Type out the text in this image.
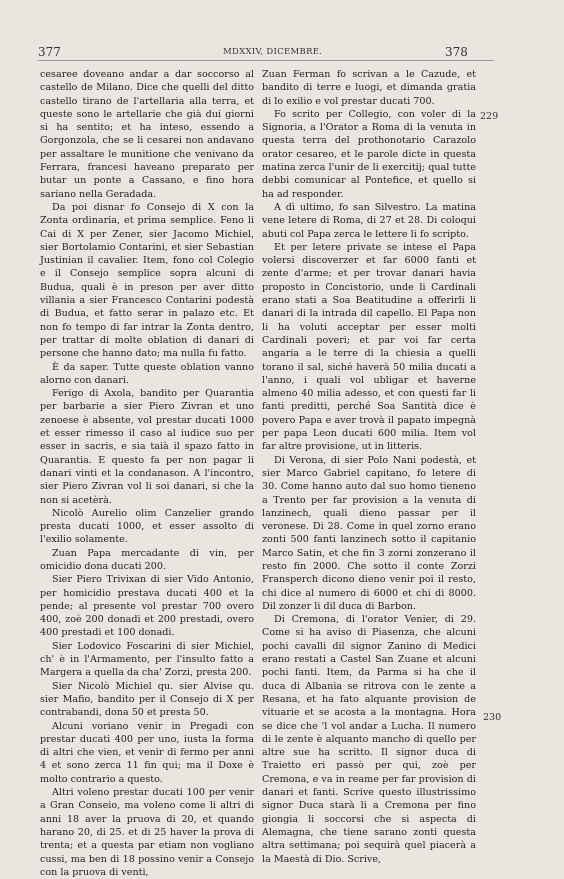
377	MDXXIV, DICEMBRE.	378

cesaree doveano andar a dar soccorso al castello de Milano. Dice che quelli del ditto castello tirano de l'artellaria alla terra, et queste sono le artellarie che già dui giorni si ha sentito; et ha inteso, essendo a Gorgonzola, che se li cesarei non andavano per assaltare le munitione che venivano da Ferrara, francesi haveano preparato per butar un ponte a Cassano, e fino hora sariano nella Geradada.

Da poi disnar fo Consejo di X con la Zonta ordinaria, et prima semplice. Feno li Cai di X per Zener, sier Jacomo Michiel, sier Bortolamio Contarini, et sier Sebastian Justinian il cavalier. Item, fono col Colegio e il Consejo semplice sopra alcuni di Budua, quali è in preson per aver ditto villania a sier Francesco Contarini podestà di Budua, et fatto serar in palazo etc. Et non fo tempo di far intrar la Zonta dentro, per trattar di molte oblation di danari di persone che hanno dato; ma nulla fu fatto.

È da saper. Tutte queste oblation vanno alorno con danari.

Ferigo di Axola, bandito per Quarantia per barbarie a sier Piero Zivran et uno zenoese è absente, vol prestar ducati 1000 et esser rimesso il caso al iudice suo per esser in sacris, e sia taià il spazo fatto in Quarantia. E questo fa per non pagar li danari vinti et la condanason. A l'incontro, sier Piero Zivran vol li soi danari, si che la non si acetèrà.

Nicolò Aurelio olim Canzelier grando presta ducati 1000, et esser assolto di l'exilio solamente.

Zuan Papa mercadante di vin, per omicidio dona ducati 200.

Sier Piero Trivixan di sier Vido Antonio, per homicidio prestava ducati 400 et la pende; al presente vol prestar 700 overo 400, zoè 200 donadi et 200 prestadi, overo 400 prestadi et 100 donadi.

Sier Lodovico Foscarini di sier Michiel, ch' è in l'Armamento, per l'insulto fatto a Margera a quella da cha' Zorzi, presta 200.

Sier Nicolò Michiel qu. sier Alvise qu. sier Mafio, bandito per il Consejo di X per contrabandi, dona 50 et presta 50.

Alcuni voriano venir in Pregadi con prestar ducati 400 per uno, iusta la forma di altri che vien, et venir di fermo per anni 4 et sono zerca 11 fin qui; ma il Doxe è molto contrario a questo.

Altri voleno prestar ducati 100 per venir a Gran Conseio, ma voleno come li altri di anni 18 aver la pruova di 20, et quando harano 20, di 25. et di 25 haver la prova di trenta; et a questa par etiam non vogliano cussi, ma ben di 18 possino venir a Consejo con la pruova di venti,

Zuan Ferman fo scrivan a le Cazude, et bandito di terre e luogi, et dimanda gratia di lo exilio e vol prestar ducati 700.

Fo scrito per Collegio, con voler di la Signoria, a l'Orator a Roma di la venuta in questa terra del prothonotario Carazolo orator cesareo, et le parole dicte in questa matina zerca l'unir de li exercitij; qual tutte debbi comunicar al Pontefice, et quello si ha ad responder.

A dì ultimo, fo san Silvestro. La matina vene letere di Roma, di 27 et 28. Di coloqui abuti col Papa zerca le lettere li fo scripto.

Et per letere private se intese el Papa volersi discoverzer et far 6000 fanti et zente d'arme; et per trovar danari havia proposto in Concistorio, unde li Cardinali erano stati a Soa Beatitudine a offerirli li danari di la intrada dil capello. El Papa non li ha voluti acceptar per esser molti Cardinali poveri; et par voi far certa angaria a le terre di la chiesia a quelli torano il sal, siché haverà 50 milia ducati a l'anno, i quali vol ubligar et haverne almeno 40 milia adesso, et con questi far li fanti preditti, perché Soa Santità dice è povero Papa e aver trovà il papato impegnà per papa Leon ducati 600 milia. Item vol far altre provisione, ut in litteris.

Di Verona, di sier Polo Nani podestà, et sier Marco Gabriel capitano, fo letere di 30. Come hanno auto dal suo homo tieneno a Trento per far provision a la venuta di lanzinech, quali dieno passar per il veronese. Di 28. Come in quel zorno erano zonti 500 fanti lanzinech sotto il capitanio Marco Satin, et che fin 3 zorni zonzerano il resto fin 2000. Che sotto il conte Zorzi Fransperch dicono dieno venir poi il resto, chi dice al numero di 6000 et chi di 8000. Dil zonzer li dil duca di Barbon.

Di Cremona, di l'orator Venier, di 29. Come si ha aviso di Piasenza, che alcuni pochi cavalli dil signor Zanino di Medici erano restati a Castel San Zuane et alcuni pochi fanti. Item, da Parma si ha che il duca di Albania se ritrova con le zente a Resana, et ha fato alquante provision de vituarie et se acosta a la montagna. Hora se dice che 'l vol andar a Lucha. Il numero di le zente è alquanto mancho di quello per altre sue ha scritto. Il signor duca di Traietto eri passò per qui, zoè per Cremona, e va in reame per far provision di danari et fanti. Scrive questo illustrissimo signor Duca starà li a Cremona per fino giongia li soccorsi che si aspecta di Alemagna, che tiene sarano zonti questa altra settimana; poi sequirà quel piacerà a la Maestà di Dio. Scrive,

229
230
